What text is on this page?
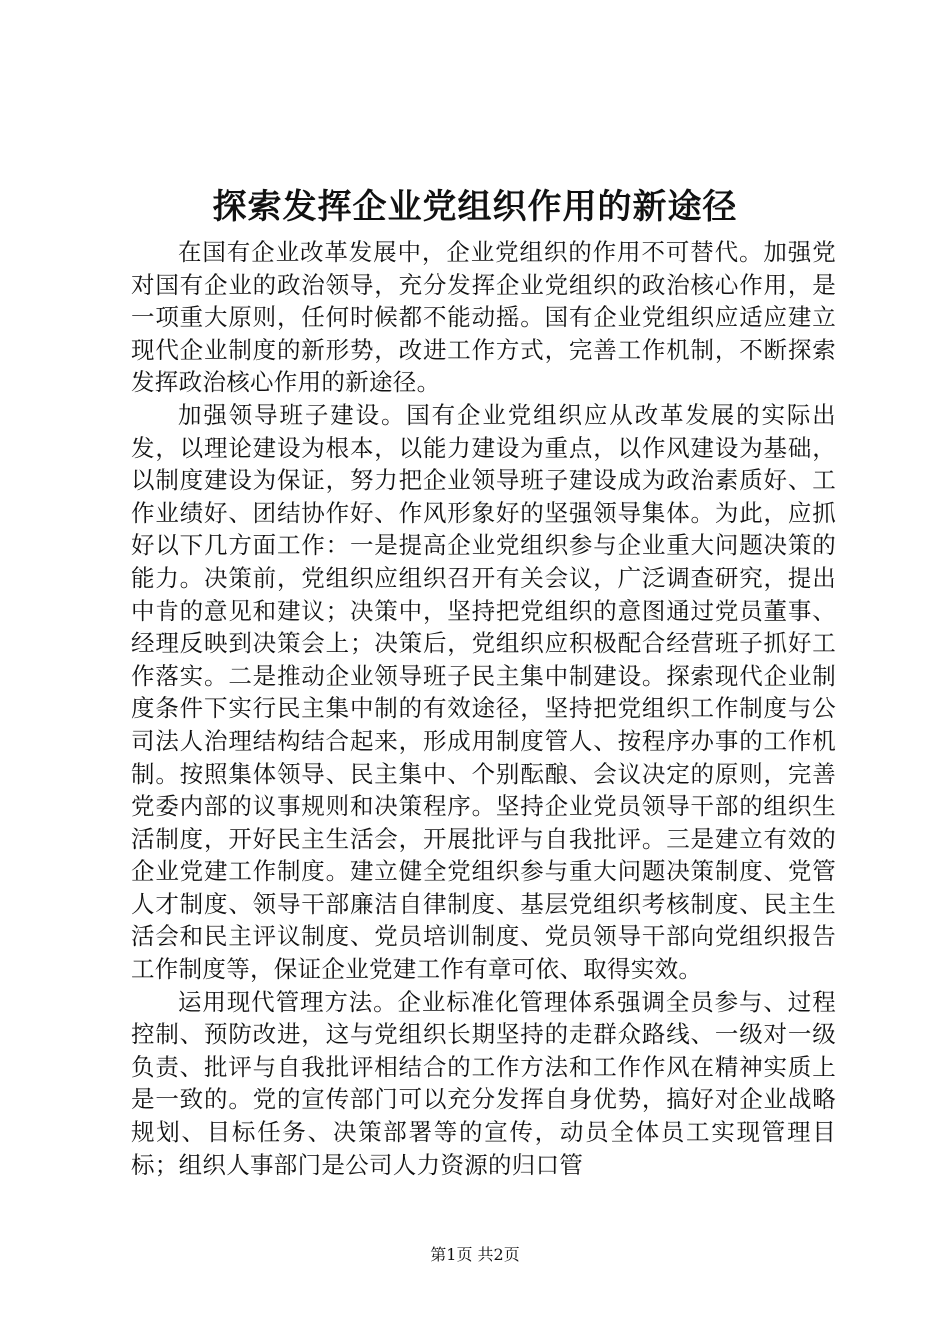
探索发挥企业党组织作用的新途径

在国有企业改革发展中，企业党组织的作用不可替代。加强党对国有企业的政治领导，充分发挥企业党组织的政治核心作用，是一项重大原则，任何时候都不能动摇。国有企业党组织应适应建立现代企业制度的新形势，改进工作方式，完善工作机制，不断探索发挥政治核心作用的新途径。

加强领导班子建设。国有企业党组织应从改革发展的实际出发，以理论建设为根本，以能力建设为重点，以作风建设为基础，以制度建设为保证，努力把企业领导班子建设成为政治素质好、工作业绩好、团结协作好、作风形象好的坚强领导集体。为此，应抓好以下几方面工作：一是提高企业党组织参与企业重大问题决策的能力。决策前，党组织应组织召开有关会议，广泛调查研究，提出中肯的意见和建议；决策中，坚持把党组织的意图通过党员董事、经理反映到决策会上；决策后，党组织应积极配合经营班子抓好工作落实。二是推动企业领导班子民主集中制建设。探索现代企业制度条件下实行民主集中制的有效途径，坚持把党组织工作制度与公司法人治理结构结合起来，形成用制度管人、按程序办事的工作机制。按照集体领导、民主集中、个别酝酿、会议决定的原则，完善党委内部的议事规则和决策程序。坚持企业党员领导干部的组织生活制度，开好民主生活会，开展批评与自我批评。三是建立有效的企业党建工作制度。建立健全党组织参与重大问题决策制度、党管人才制度、领导干部廉洁自律制度、基层党组织考核制度、民主生活会和民主评议制度、党员培训制度、党员领导干部向党组织报告工作制度等，保证企业党建工作有章可依、取得实效。

运用现代管理方法。企业标准化管理体系强调全员参与、过程控制、预防改进，这与党组织长期坚持的走群众路线、一级对一级负责、批评与自我批评相结合的工作方法和工作作风在精神实质上是一致的。党的宣传部门可以充分发挥自身优势，搞好对企业战略规划、目标任务、决策部署等的宣传，动员全体员工实现管理目标；组织人事部门是公司人力资源的归口管

第1页 共2页
